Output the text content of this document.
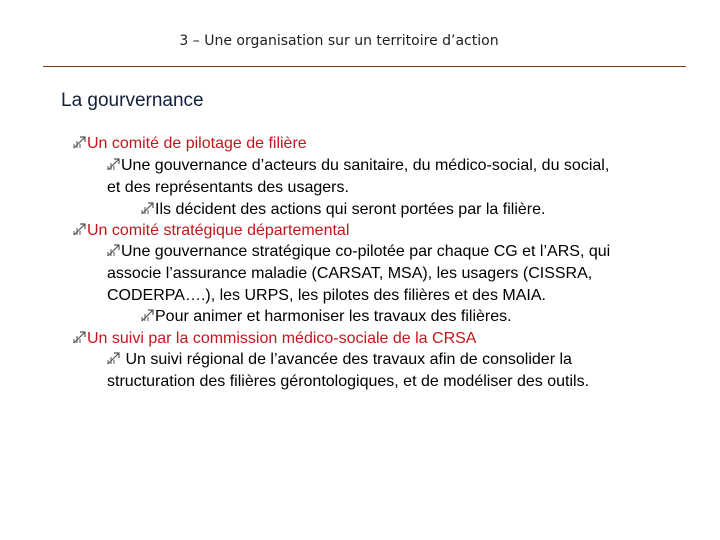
3 – Une organisation sur un territoire d’action
La gourvernance
Un comité de pilotage de filière
Une gouvernance d’acteurs du sanitaire, du médico-social, du social,
et des représentants des usagers.
Ils décident des actions qui seront portées par la filière.
Un comité stratégique départemental
Une gouvernance stratégique co-pilotée par chaque CG et l’ARS, qui
associe l’assurance maladie (CARSAT, MSA), les usagers (CISSRA,
CODERPA….), les URPS, les pilotes des filières et des MAIA.
Pour animer et harmoniser les travaux des filières.
Un suivi par la commission médico-sociale de la CRSA
Un suivi régional de l’avancée des travaux afin de consolider la
structuration des filières gérontologiques, et de modéliser des outils.
